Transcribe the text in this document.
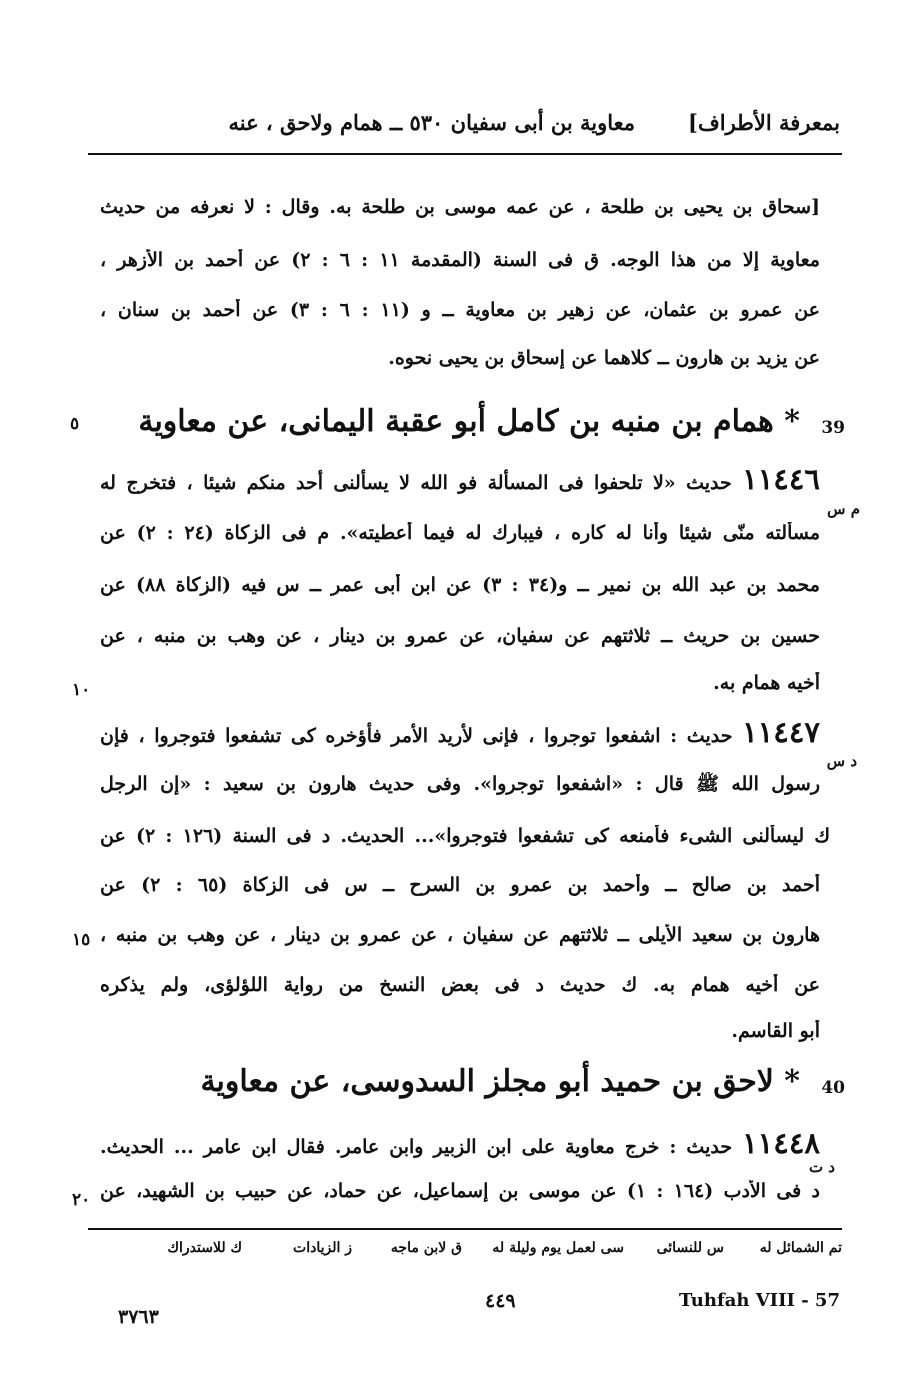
بمعرفة الأطراف]
معاوية بن أبى سفيان ٥٣٠ ــ همام ولاحق ، عنه
[سحاق بن يحيى بن طلحة ، عن عمه موسى بن طلحة به. وقال : لا نعرفه من حديث
معاوية إلا من هذا الوجه. ق فى السنة (المقدمة ١١ : ٦ : ٢) عن أحمد بن الأزهر ،
عن عمرو بن عثمان، عن زهير بن معاوية ــ و (١١ : ٦ : ٣) عن أحمد بن سنان ،
عن يزيد بن هارون ــ كلاهما عن إسحاق بن يحيى نحوه.
39
* همام بن منبه بن كامل أبو عقبة اليمانى، عن معاوية
٥
م س
١١٤٤٦ حديث «لا تلحفوا فى المسألة فو الله لا يسألنى أحد منكم شيئا ، فتخرج له
مسألته منّى شيئا وأنا له كاره ، فيبارك له فيما أعطيته». م فى الزكاة (٢٤ : ٢) عن
محمد بن عبد الله بن نمير ــ و(٣٤ : ٣) عن ابن أبى عمر ــ س فيه (الزكاة ٨٨) عن
حسين بن حريث ــ ثلاثتهم عن سفيان، عن عمرو بن دينار ، عن وهب بن منبه ، عن
أخيه همام به.
١٠
د س
١١٤٤٧ حديث : اشفعوا توجروا ، فإنى لأريد الأمر فأؤخره كى تشفعوا فتوجروا ، فإن
رسول الله ﷺ قال : «اشفعوا توجروا». وفى حديث هارون بن سعيد : «إن الرجل
ك ليسألنى الشىء فأمنعه كى تشفعوا فتوجروا»... الحديث. د فى السنة (١٢٦ : ٢) عن
أحمد بن صالح ــ وأحمد بن عمرو بن السرح ــ س فى الزكاة (٦٥ : ٢) عن
هارون بن سعيد الأيلى ــ ثلاثتهم عن سفيان ، عن عمرو بن دينار ، عن وهب بن منبه ،
١٥
عن أخيه همام به. ك حديث د فى بعض النسخ من رواية اللؤلؤى، ولم يذكره
أبو القاسم.
40
* لاحق بن حميد أبو مجلز السدوسى، عن معاوية
د ت
١١٤٤٨ حديث : خرج معاوية على ابن الزبير وابن عامر. فقال ابن عامر ... الحديث.
د فى الأدب (١٦٤ : ١) عن موسى بن إسماعيل، عن حماد، عن حبيب بن الشهيد، عن
٢٠
تم الشمائل له
س للنسائى
سى لعمل يوم وليلة له
ق لابن ماجه
ز الزيادات
ك للاستدراك
٤٤٩	Tuhfah VIII - 57
٣٧٦٣
